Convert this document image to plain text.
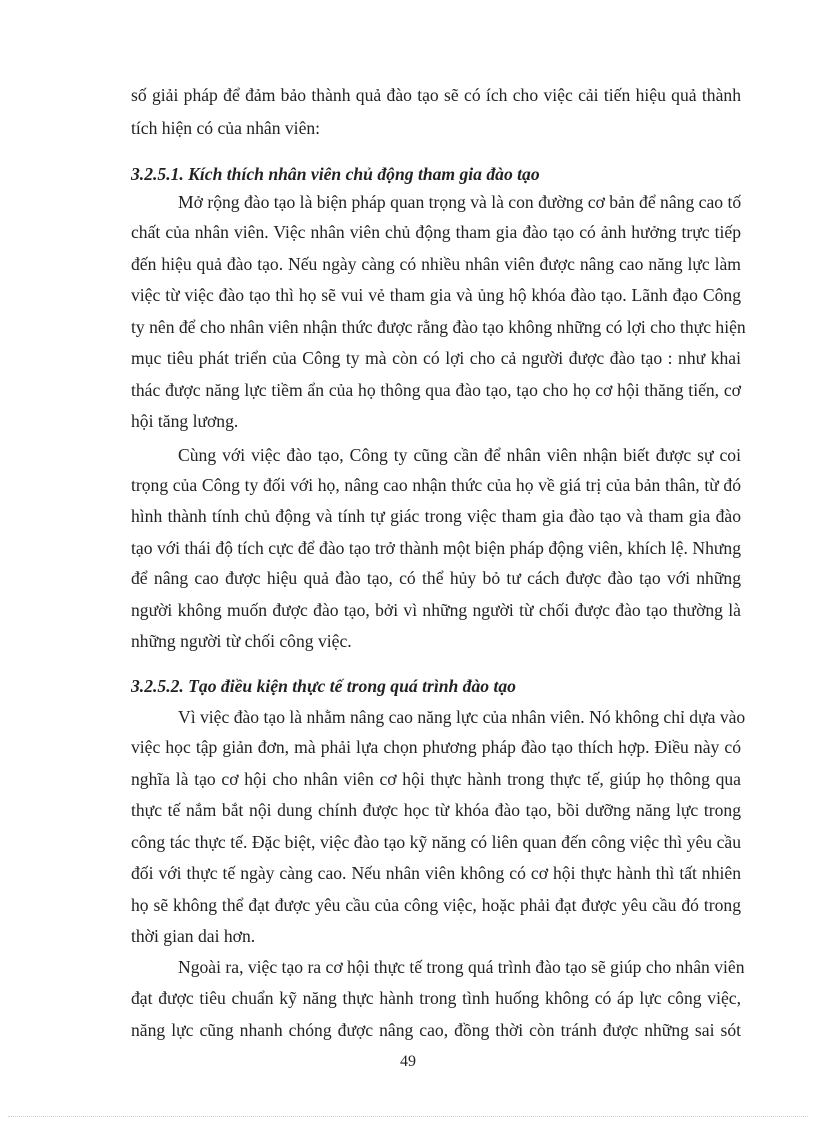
số giải pháp để đảm bảo thành quả đào tạo sẽ có ích cho việc cải tiến hiệu quả thành
tích hiện có của nhân viên:
3.2.5.1. Kích thích nhân viên chủ động tham gia đào tạo
Mở rộng đào tạo là biện pháp quan trọng và là con đường cơ bản để nâng cao tố
chất của nhân viên. Việc nhân viên chủ động tham gia đào tạo có ảnh hưởng trực tiếp
đến hiệu quả đào tạo. Nếu ngày càng có nhiều nhân viên được nâng cao năng lực làm
việc từ việc đào tạo thì họ sẽ vui vẻ tham gia và ủng hộ khóa đào tạo. Lãnh đạo Công
ty nên để cho nhân viên nhận thức được rằng đào tạo không những có lợi cho thực hiện
mục tiêu phát triển của Công ty mà còn có lợi cho cả người được đào tạo : như khai
thác được năng lực tiềm ẩn của họ thông qua đào tạo, tạo cho họ cơ hội thăng tiến, cơ
hội tăng lương.
Cùng với việc đào tạo, Công ty cũng cần để nhân viên nhận biết được sự coi
trọng của Công ty đối với họ, nâng cao nhận thức của họ về giá trị của bản thân, từ đó
hình thành tính chủ động và tính tự giác trong việc tham gia đào tạo và tham gia đào
tạo với thái độ tích cực để đào tạo trở thành một biện pháp động viên, khích lệ. Nhưng
để nâng cao được hiệu quả đào tạo, có thể hủy bỏ tư cách được đào tạo với những
người không muốn được đào tạo, bởi vì những người từ chối được đào tạo thường là
những người từ chối công việc.
3.2.5.2. Tạo điều kiện thực tế trong quá trình đào tạo
Vì việc đào tạo là nhằm nâng cao năng lực của nhân viên. Nó không chỉ dựa vào
việc học tập giản đơn, mà phải lựa chọn phương pháp đào tạo thích hợp. Điều này có
nghĩa là tạo cơ hội cho nhân viên cơ hội thực hành trong thực tế, giúp họ thông qua
thực tế nắm bắt nội dung chính được học từ khóa đào tạo, bồi dưỡng năng lực trong
công tác thực tế. Đặc biệt, việc đào tạo kỹ năng có liên quan đến công việc thì yêu cầu
đối với thực tế ngày càng cao. Nếu nhân viên không có cơ hội thực hành thì tất nhiên
họ sẽ không thể đạt được yêu cầu của công việc, hoặc phải đạt được yêu cầu đó trong
thời gian dai hơn.
Ngoài ra, việc tạo ra cơ hội thực tế trong quá trình đào tạo sẽ giúp cho nhân viên
đạt được tiêu chuẩn kỹ năng thực hành trong tình huống không có áp lực công việc,
năng lực cũng nhanh chóng được nâng cao, đồng thời còn tránh được những sai sót
49
